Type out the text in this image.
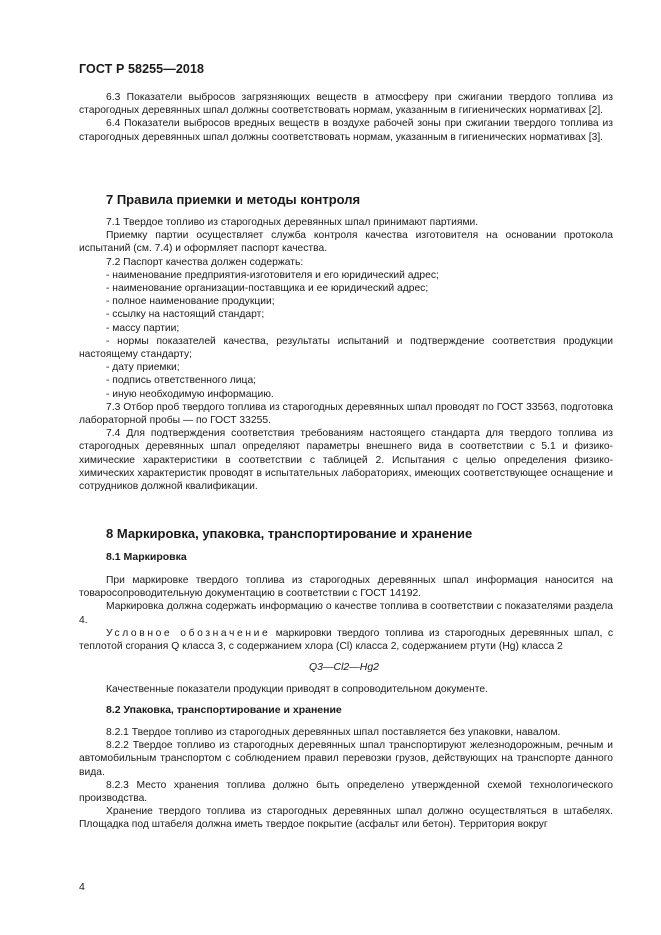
ГОСТ Р 58255—2018

6.3 Показатели выбросов загрязняющих веществ в атмосферу при сжигании твердого топлива из старогодных деревянных шпал должны соответствовать нормам, указанным в гигиенических нормативах [2].

6.4 Показатели выбросов вредных веществ в воздухе рабочей зоны при сжигании твердого топлива из старогодных деревянных шпал должны соответствовать нормам, указанным в гигиенических нормативах [3].

7 Правила приемки и методы контроля

7.1 Твердое топливо из старогодных деревянных шпал принимают партиями.

Приемку партии осуществляет служба контроля качества изготовителя на основании протокола испытаний (см. 7.4) и оформляет паспорт качества.

7.2 Паспорт качества должен содержать:

- наименование предприятия-изготовителя и его юридический адрес;

- наименование организации-поставщика и ее юридический адрес;

- полное наименование продукции;

- ссылку на настоящий стандарт;

- массу партии;

- нормы показателей качества, результаты испытаний и подтверждение соответствия продукции настоящему стандарту;

- дату приемки;

- подпись ответственного лица;

- иную необходимую информацию.

7.3 Отбор проб твердого топлива из старогодных деревянных шпал проводят по ГОСТ 33563, подготовка лабораторной пробы — по ГОСТ 33255.

7.4 Для подтверждения соответствия требованиям настоящего стандарта для твердого топлива из старогодных деревянных шпал определяют параметры внешнего вида в соответствии с 5.1 и физико-химические характеристики в соответствии с таблицей 2. Испытания с целью определения физико-химических характеристик проводят в испытательных лабораториях, имеющих соответствующее оснащение и сотрудников должной квалификации.

8 Маркировка, упаковка, транспортирование и хранение
8.1 Маркировка

При маркировке твердого топлива из старогодных деревянных шпал информация наносится на товаросопроводительную документацию в соответствии с ГОСТ 14192.

Маркировка должна содержать информацию о качестве топлива в соответствии с показателями раздела 4.

Условное обозначение маркировки твердого топлива из старогодных деревянных шпал, с теплотой сгорания Q класса 3, с содержанием хлора (Cl) класса 2, содержанием ртути (Hg) класса 2

Q3—Cl2—Hg2

Качественные показатели продукции приводят в сопроводительном документе.

8.2 Упаковка, транспортирование и хранение

8.2.1 Твердое топливо из старогодных деревянных шпал поставляется без упаковки, навалом.

8.2.2 Твердое топливо из старогодных деревянных шпал транспортируют железнодорожным, речным и автомобильным транспортом с соблюдением правил перевозки грузов, действующих на транспорте данного вида.

8.2.3 Место хранения топлива должно быть определено утвержденной схемой технологического производства.

Хранение твердого топлива из старогодных деревянных шпал должно осуществляться в штабелях. Площадка под штабеля должна иметь твердое покрытие (асфальт или бетон). Территория вокруг

4
